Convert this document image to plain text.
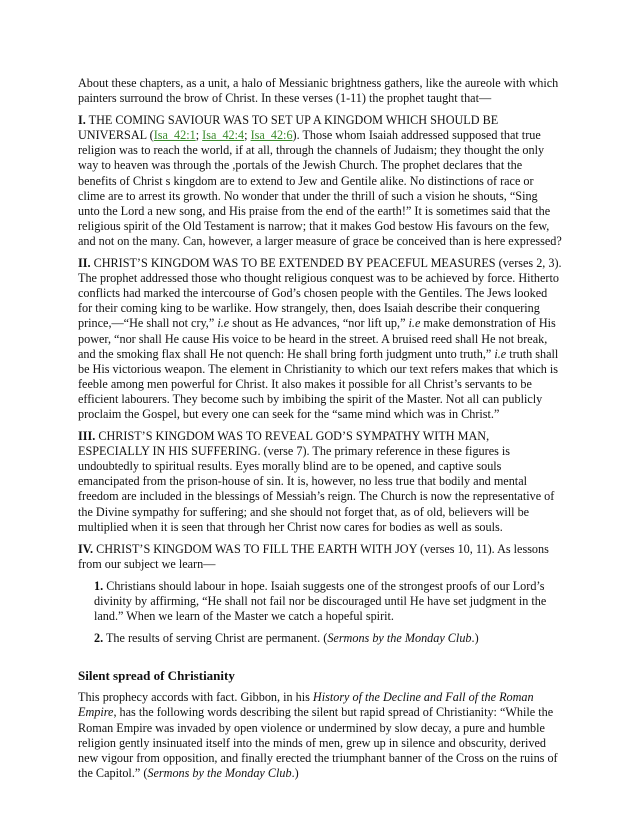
About these chapters, as a unit, a halo of Messianic brightness gathers, like the aureole with which painters surround the brow of Christ. In these verses (1-11) the prophet taught that—

I. THE COMING SAVIOUR WAS TO SET UP A KINGDOM WHICH SHOULD BE UNIVERSAL (Isa_42:1; Isa_42:4; Isa_42:6). Those whom Isaiah addressed supposed that true religion was to reach the world, if at all, through the channels of Judaism; they thought the only way to heaven was through the ,portals of the Jewish Church. The prophet declares that the benefits of Christ s kingdom are to extend to Jew and Gentile alike. No distinctions of race or clime are to arrest its growth. No wonder that under the thrill of such a vision he shouts, “Sing unto the Lord a new song, and His praise from the end of the earth!” It is sometimes said that the religious spirit of the Old Testament is narrow; that it makes God bestow His favours on the few, and not on the many. Can, however, a larger measure of grace be conceived than is here expressed?

II. CHRIST’S KINGDOM WAS TO BE EXTENDED BY PEACEFUL MEASURES (verses 2, 3). The prophet addressed those who thought religious conquest was to be achieved by force. Hitherto conflicts had marked the intercourse of God’s chosen people with the Gentiles. The Jews looked for their coming king to be warlike. How strangely, then, does Isaiah describe their conquering prince,—“He shall not cry,” i.e shout as He advances, “nor lift up,” i.e make demonstration of His power, “nor shall He cause His voice to be heard in the street. A bruised reed shall He not break, and the smoking flax shall He not quench: He shall bring forth judgment unto truth,” i.e truth shall be His victorious weapon. The element in Christianity to which our text refers makes that which is feeble among men powerful for Christ. It also makes it possible for all Christ’s servants to be efficient labourers. They become such by imbibing the spirit of the Master. Not all can publicly proclaim the Gospel, but every one can seek for the “same mind which was in Christ.”

III. CHRIST’S KINGDOM WAS TO REVEAL GOD’S SYMPATHY WITH MAN, ESPECIALLY IN HIS SUFFERING. (verse 7). The primary reference in these figures is undoubtedly to spiritual results. Eyes morally blind are to be opened, and captive souls emancipated from the prison-house of sin. It is, however, no less true that bodily and mental freedom are included in the blessings of Messiah’s reign. The Church is now the representative of the Divine sympathy for suffering; and she should not forget that, as of old, believers will be multiplied when it is seen that through her Christ now cares for bodies as well as souls.

IV. CHRIST’S KINGDOM WAS TO FILL THE EARTH WITH JOY (verses 10, 11). As lessons from our subject we learn—

1. Christians should labour in hope. Isaiah suggests one of the strongest proofs of our Lord’s divinity by affirming, “He shall not fail nor be discouraged until He have set judgment in the land.” When we learn of the Master we catch a hopeful spirit.

2. The results of serving Christ are permanent. (Sermons by the Monday Club.)

Silent spread of Christianity

This prophecy accords with fact. Gibbon, in his History of the Decline and Fall of the Roman Empire, has the following words describing the silent but rapid spread of Christianity: “While the Roman Empire was invaded by open violence or undermined by slow decay, a pure and humble religion gently insinuated itself into the minds of men, grew up in silence and obscurity, derived new vigour from opposition, and finally erected the triumphant banner of the Cross on the ruins of the Capitol.” (Sermons by the Monday Club.)
